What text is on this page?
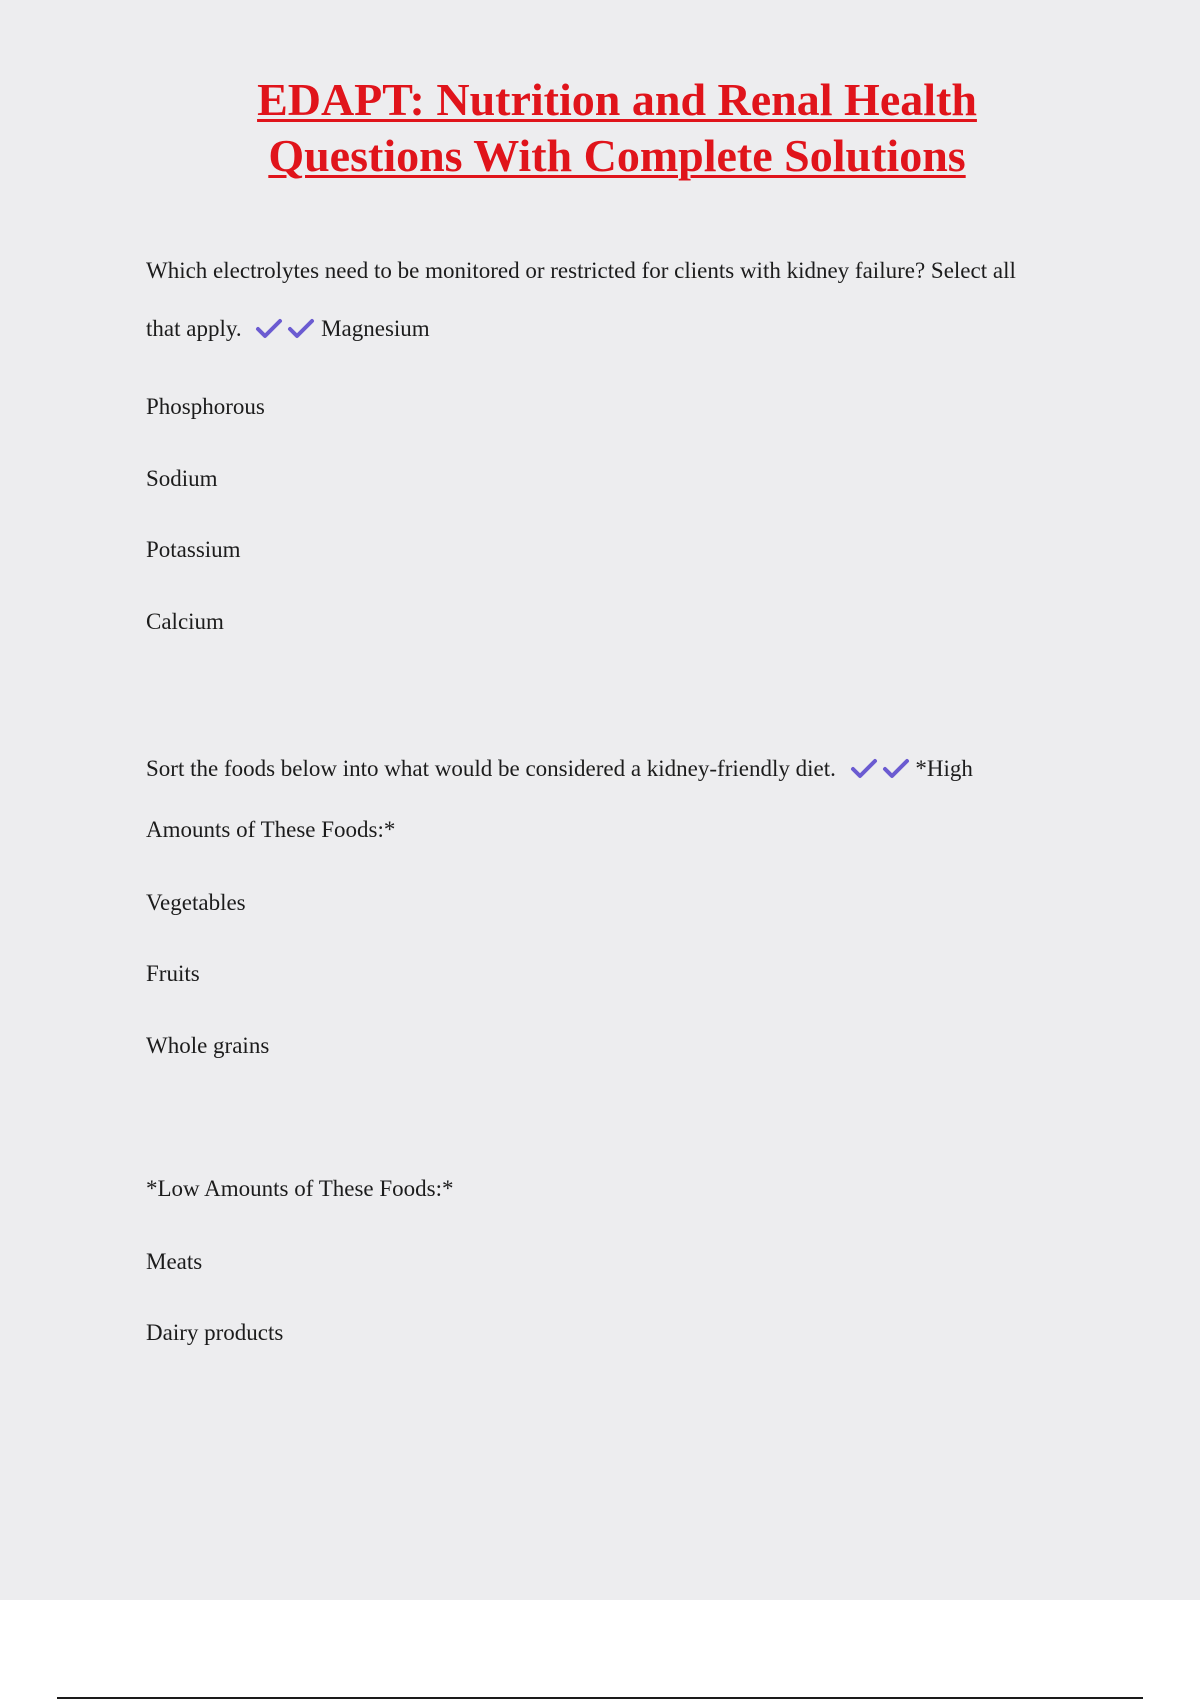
EDAPT: Nutrition and Renal Health
Questions With Complete Solutions
Which electrolytes need to be monitored or restricted for clients with kidney failure? Select all
that apply.	Magnesium
Phosphorous
Sodium
Potassium
Calcium
Sort the foods below into what would be considered a kidney-friendly diet.	*High
Amounts of These Foods:*
Vegetables
Fruits
Whole grains
*Low Amounts of These Foods:*
Meats
Dairy products
